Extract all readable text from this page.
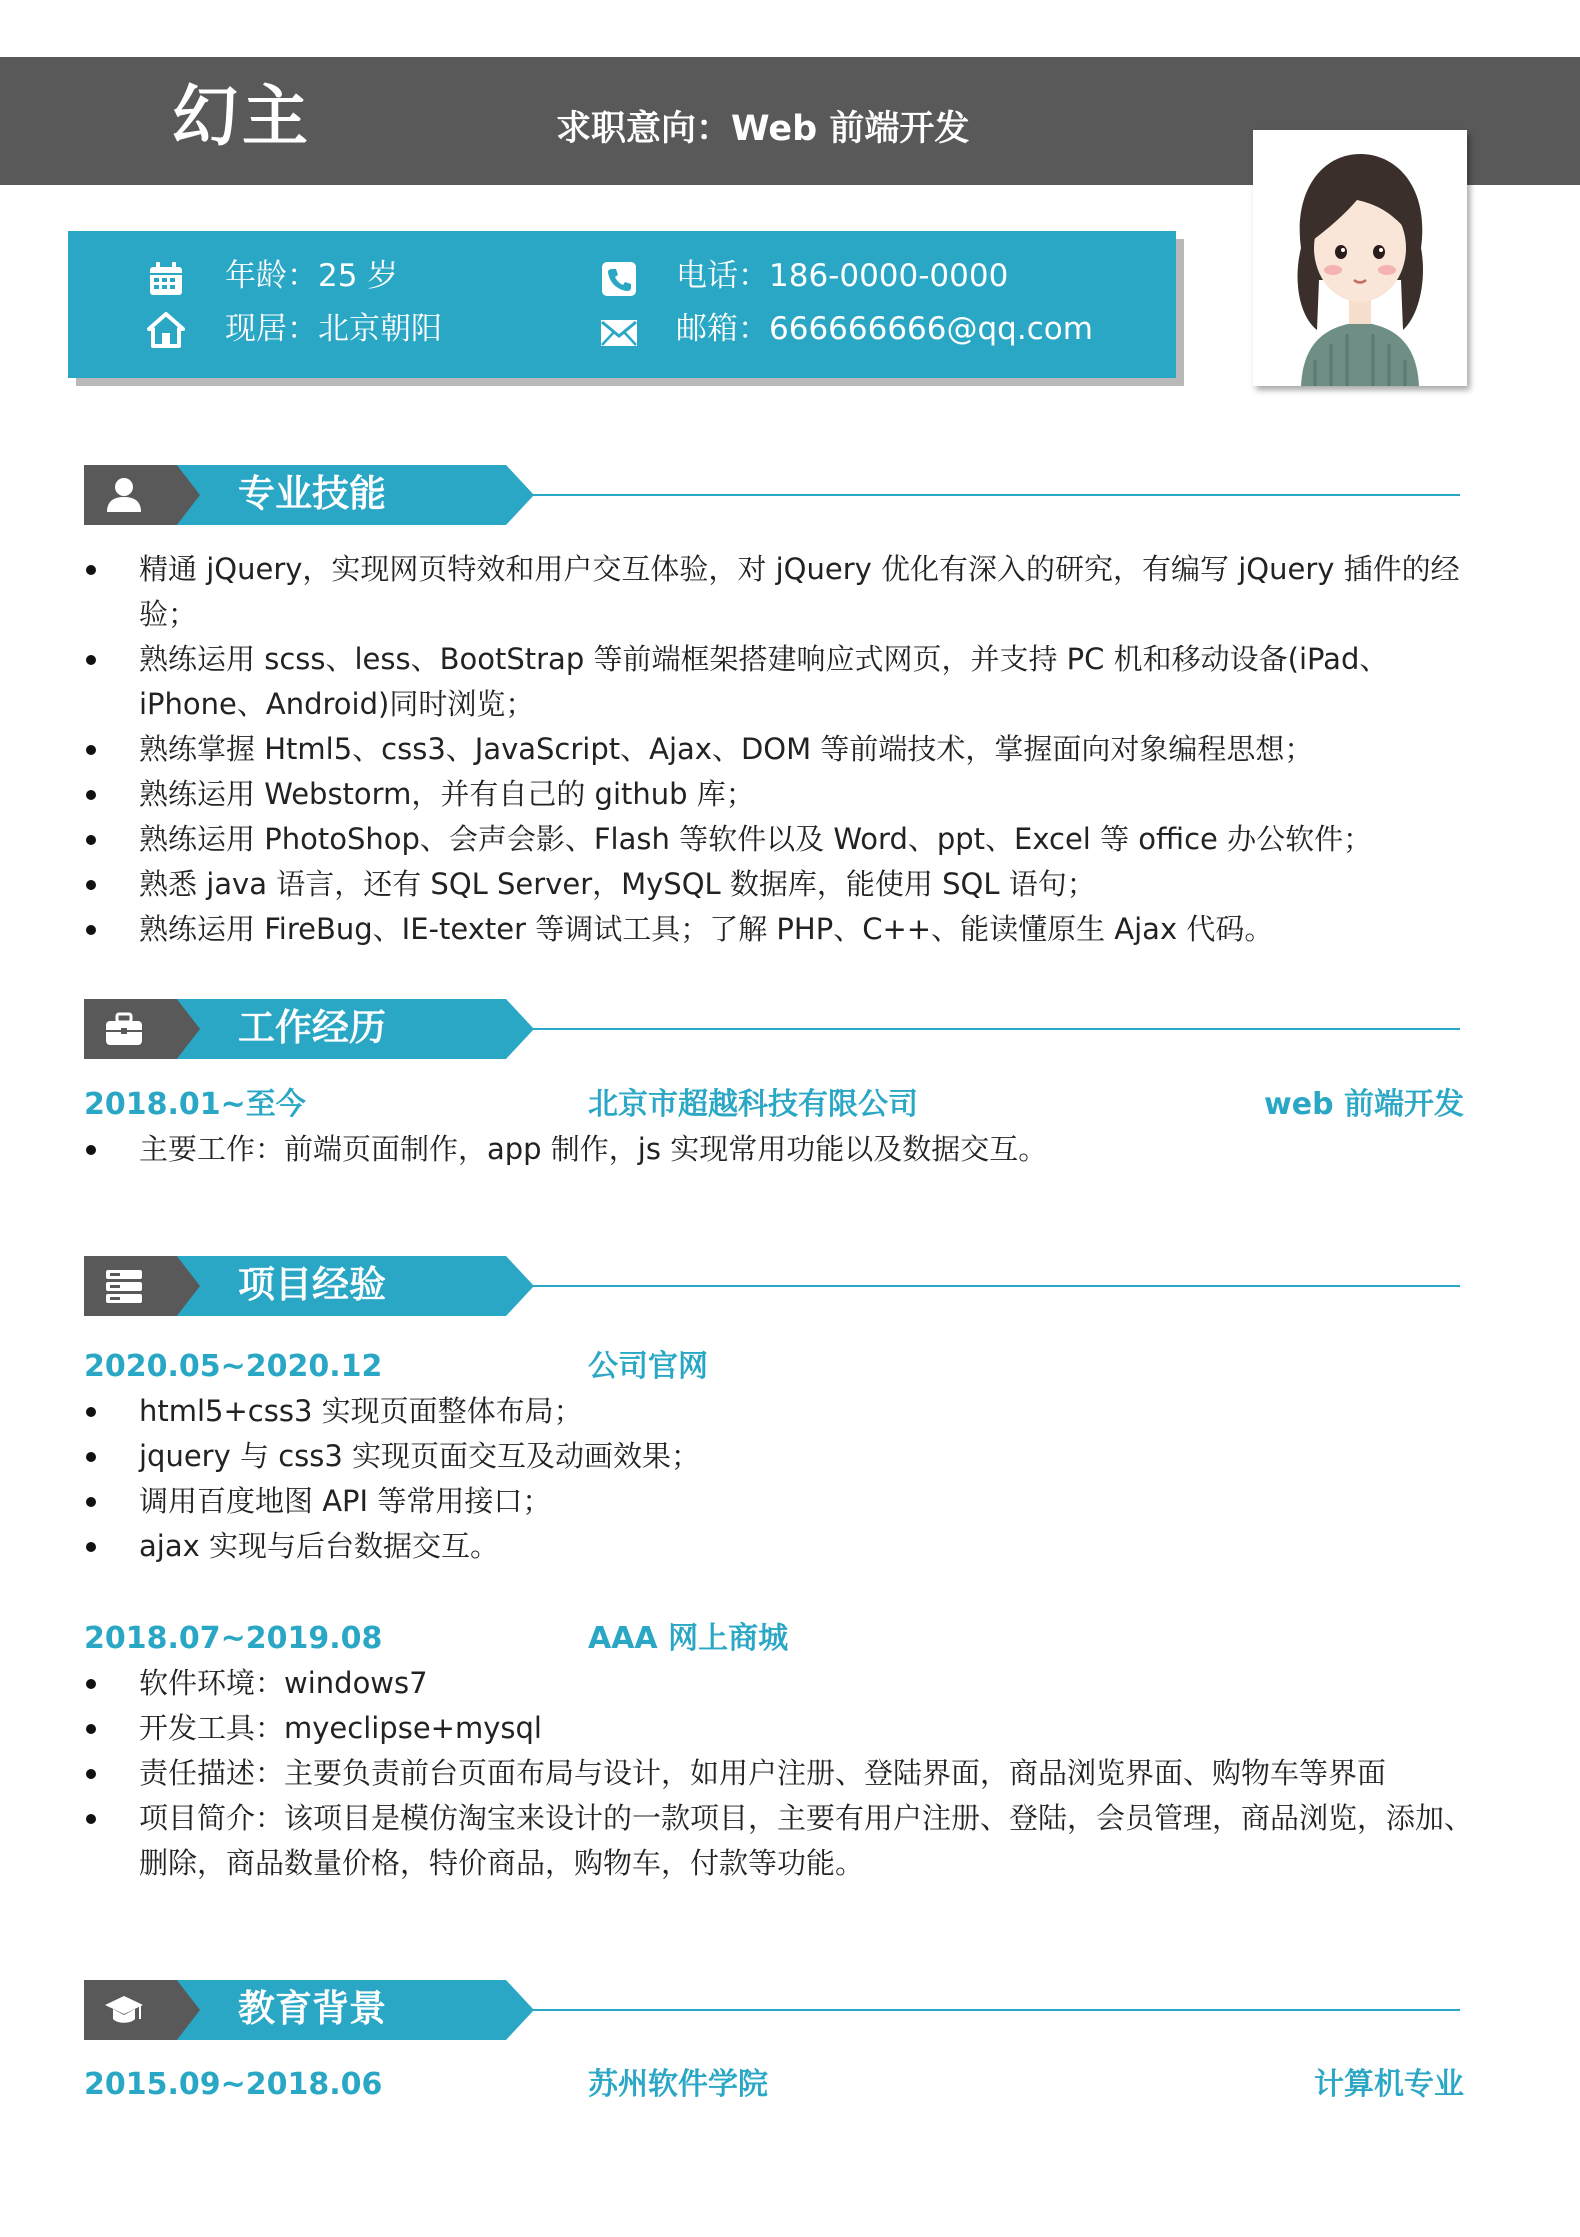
幻主	求职意向：Web 前端开发
年龄：25 岁
现居：北京朝阳
电话：186-0000-0000
邮箱：666666666@qq.com
专业技能
精通 jQuery，实现网页特效和用户交互体验，对 jQuery 优化有深入的研究，有编写 jQuery 插件的经验；
熟练运用 scss、less、BootStrap 等前端框架搭建响应式网页，并支持 PC 机和移动设备(iPad、iPhone、Android)同时浏览；
熟练掌握 Html5、css3、JavaScript、Ajax、DOM 等前端技术，掌握面向对象编程思想；
熟练运用 Webstorm，并有自己的 github 库；
熟练运用 PhotoShop、会声会影、Flash 等软件以及 Word、ppt、Excel 等 office 办公软件；
熟悉 java 语言，还有 SQL Server，MySQL 数据库，能使用 SQL 语句；
熟练运用 FireBug、IE-texter 等调试工具；了解 PHP、C++、能读懂原生 Ajax 代码。
工作经历
2018.01~至今	北京市超越科技有限公司	web 前端开发
主要工作：前端页面制作，app 制作，js 实现常用功能以及数据交互。
项目经验
2020.05~2020.12	公司官网
html5+css3 实现页面整体布局；
jquery 与 css3 实现页面交互及动画效果；
调用百度地图 API 等常用接口；
ajax 实现与后台数据交互。
2018.07~2019.08	AAA 网上商城
软件环境：windows7
开发工具：myeclipse+mysql
责任描述：主要负责前台页面布局与设计，如用户注册、登陆界面，商品浏览界面、购物车等界面
项目简介：该项目是模仿淘宝来设计的一款项目，主要有用户注册、登陆，会员管理，商品浏览，添加、删除，商品数量价格，特价商品，购物车，付款等功能。
教育背景
2015.09~2018.06	苏州软件学院	计算机专业
